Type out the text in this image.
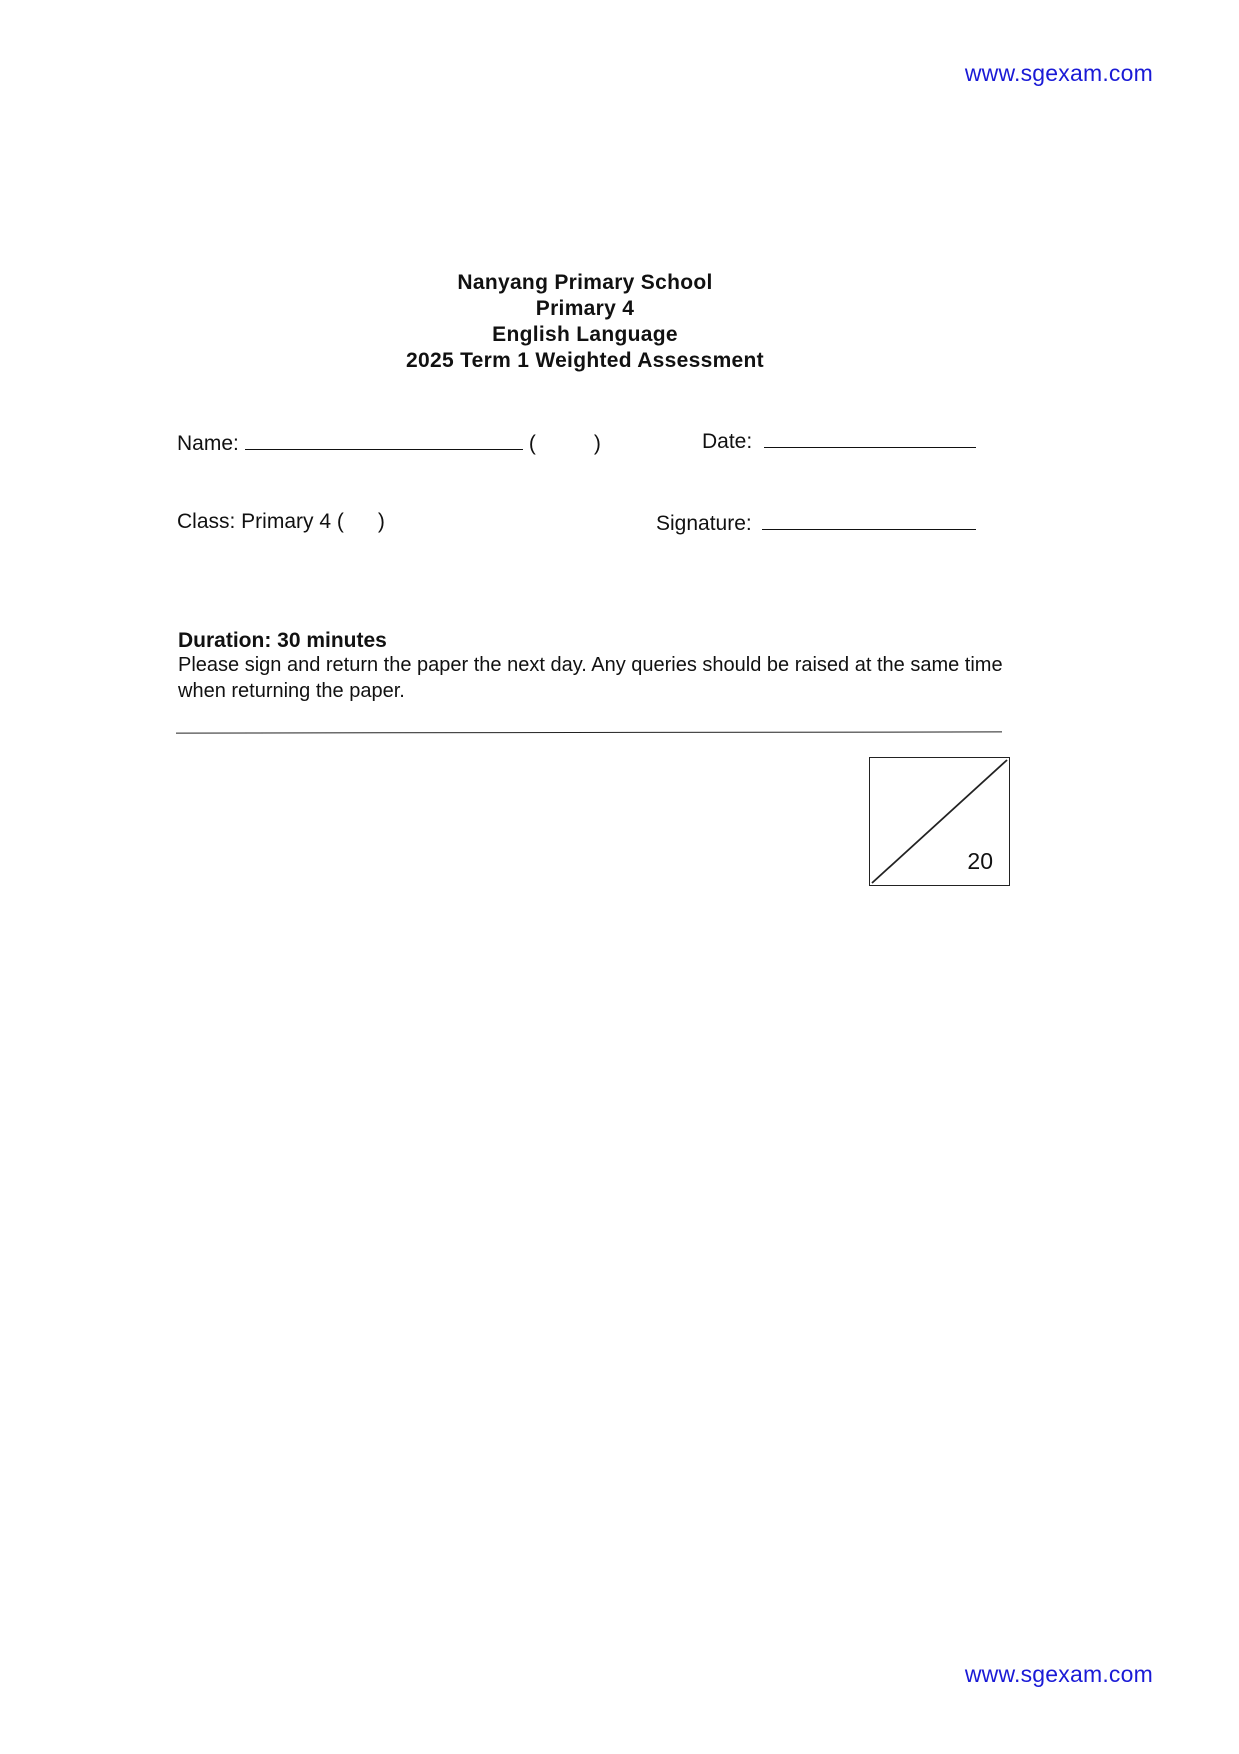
www.sgexam.com
Nanyang Primary School
Primary 4
English Language
2025 Term 1 Weighted Assessment
Name:	(	)	Date:
Class: Primary 4 ( )	Signature:
Duration: 30 minutes
Please sign and return the paper the next day. Any queries should be raised at the same time when returning the paper.
20
www.sgexam.com
